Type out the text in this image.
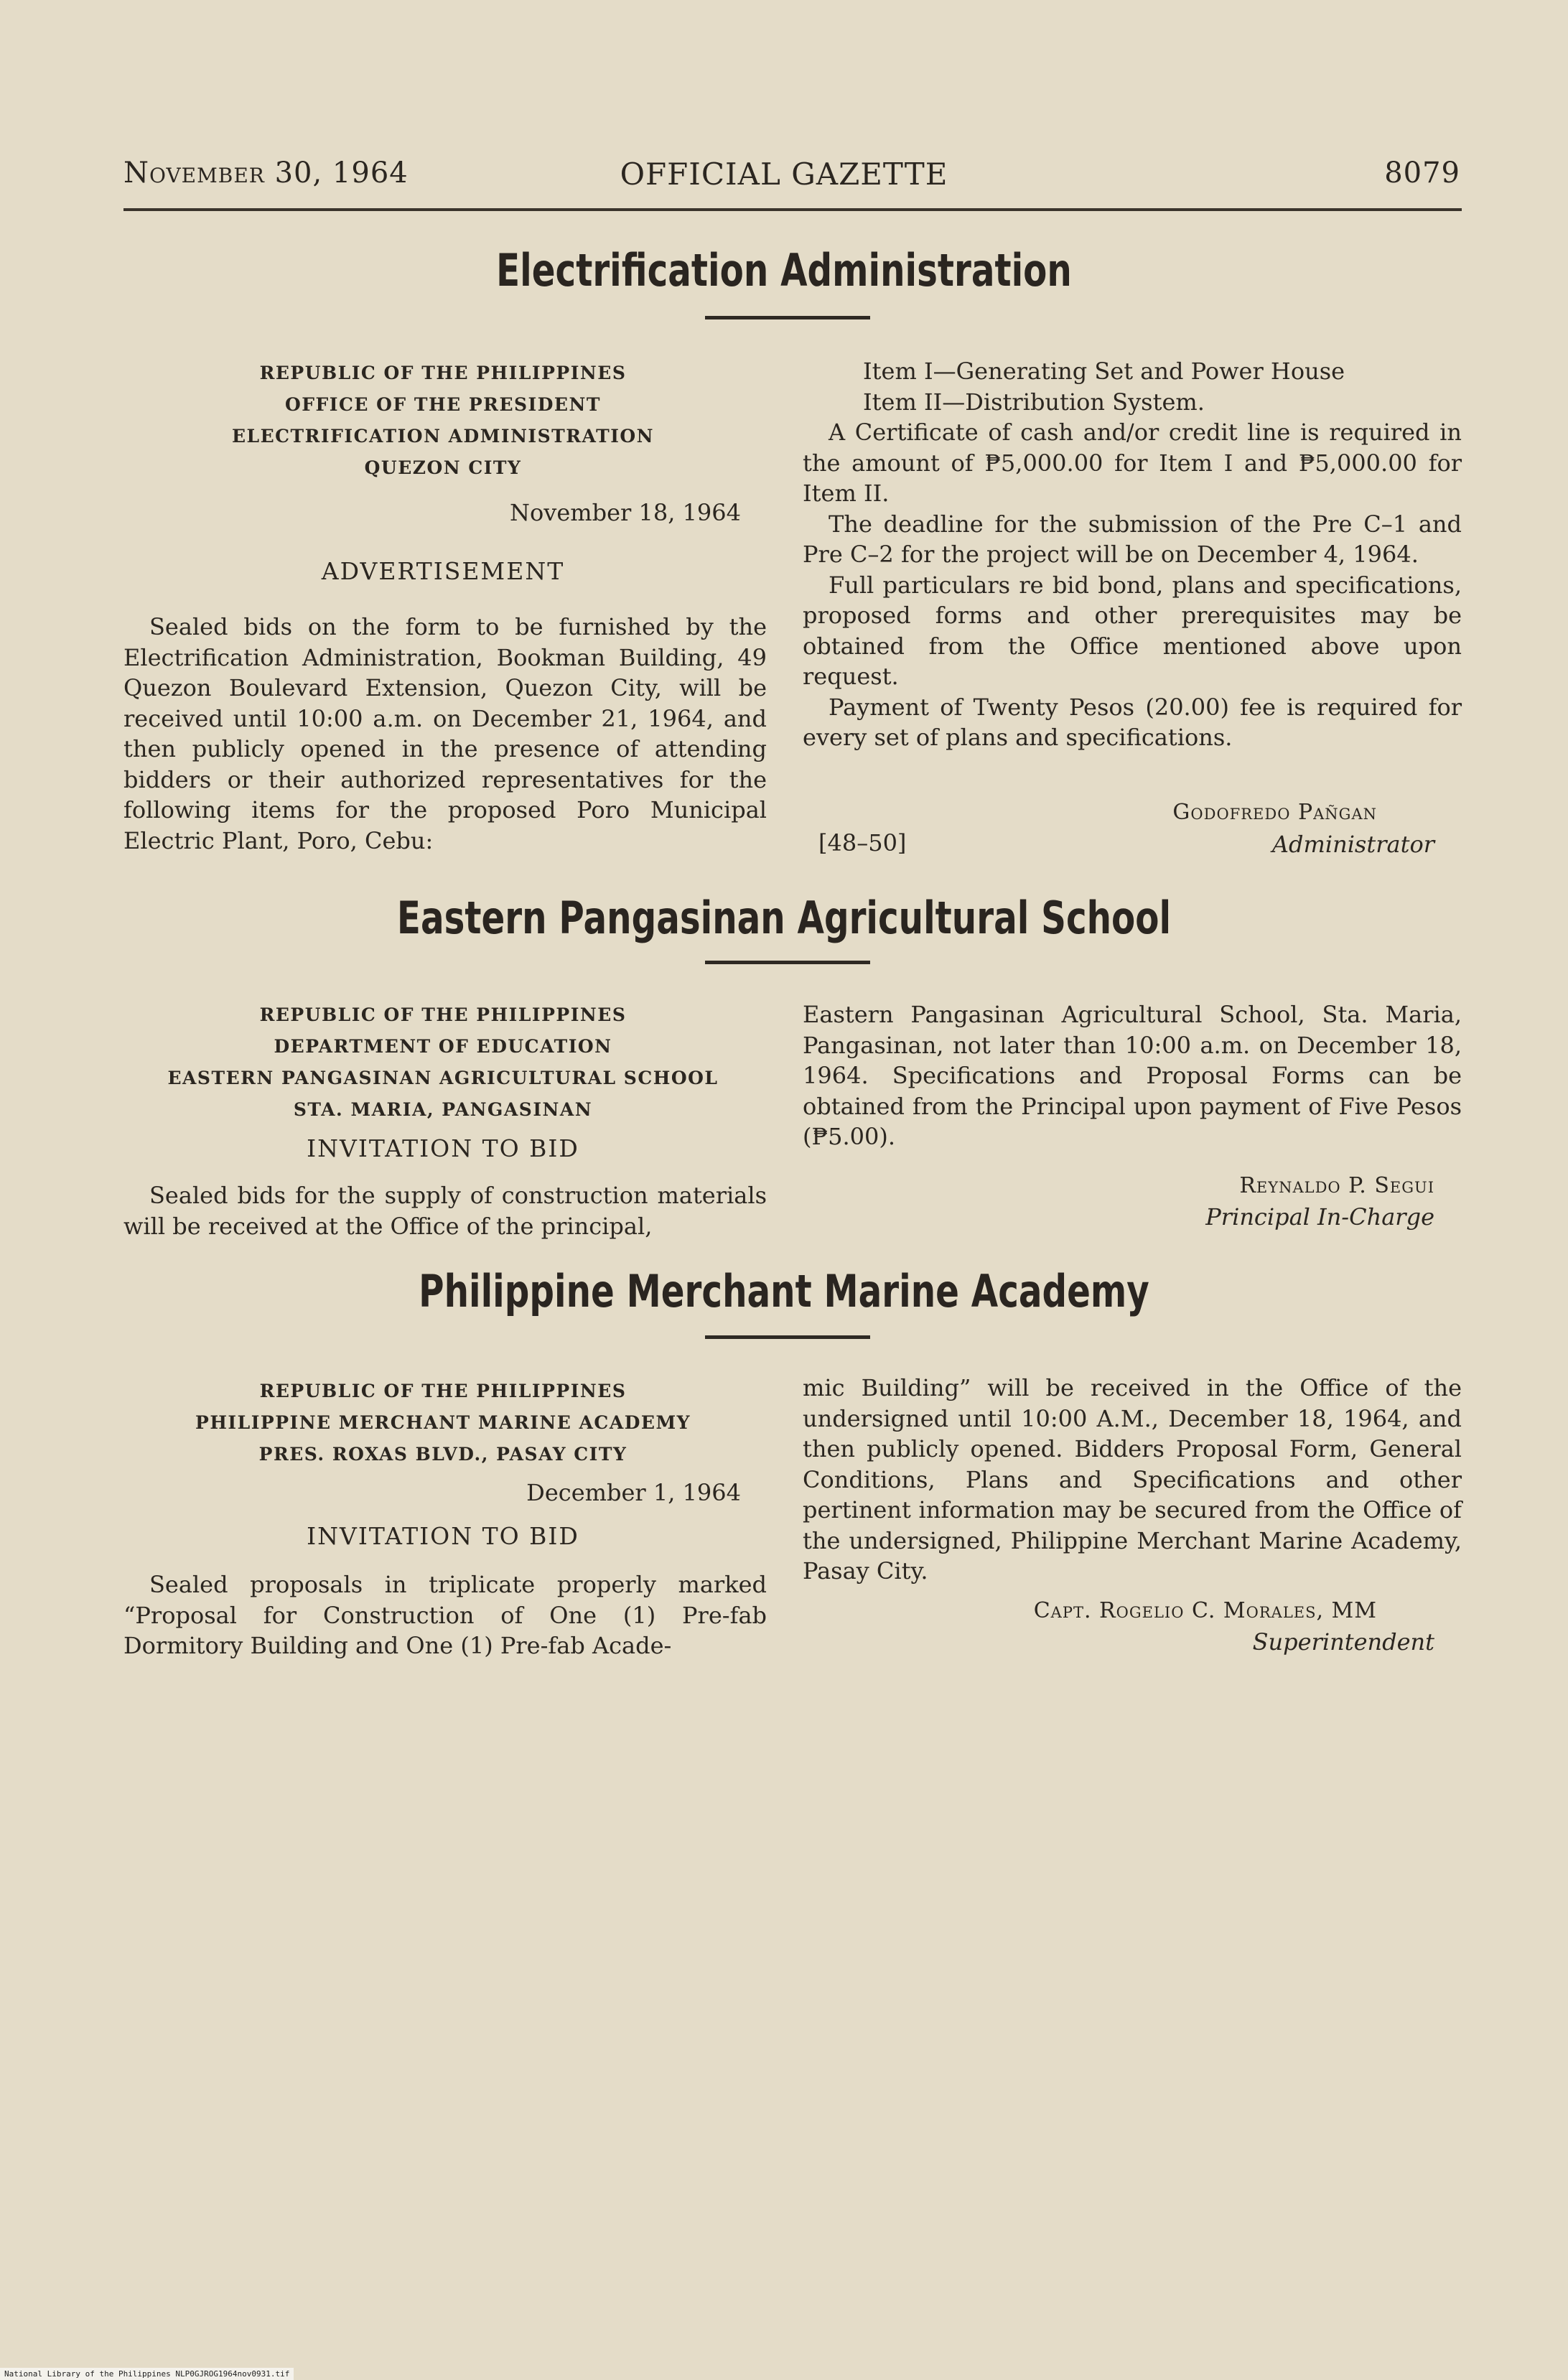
November 30, 1964	OFFICIAL GAZETTE	8079
Electrification Administration
REPUBLIC OF THE PHILIPPINES
OFFICE OF THE PRESIDENT
ELECTRIFICATION ADMINISTRATION
QUEZON CITY
November 18, 1964
ADVERTISEMENT

Sealed bids on the form to be furnished by the Electrification Administration, Bookman Building, 49 Quezon Boulevard Extension, Quezon City, will be received until 10:00 a.m. on December 21, 1964, and then publicly opened in the presence of attending bidders or their authorized representatives for the following items for the proposed Poro Municipal Electric Plant, Poro, Cebu:

Item I—Generating Set and Power House

Item II—Distribution System.

A Certificate of cash and/or credit line is required in the amount of ₱5,000.00 for Item I and ₱5,000.00 for Item II.

The deadline for the submission of the Pre C–1 and Pre C–2 for the project will be on December 4, 1964.

Full particulars re bid bond, plans and specifications, proposed forms and other prerequisites may be obtained from the Office mentioned above upon request.

Payment of Twenty Pesos (20.00) fee is required for every set of plans and specifications.

Godofredo Pañgan
[48–50]	Administrator
Eastern Pangasinan Agricultural School
REPUBLIC OF THE PHILIPPINES
DEPARTMENT OF EDUCATION
EASTERN PANGASINAN AGRICULTURAL SCHOOL
STA. MARIA, PANGASINAN
INVITATION TO BID

Sealed bids for the supply of construction materials will be received at the Office of the principal,

Eastern Pangasinan Agricultural School, Sta. Maria, Pangasinan, not later than 10:00 a.m. on December 18, 1964. Specifications and Proposal Forms can be obtained from the Principal upon payment of Five Pesos (₱5.00).

Reynaldo P. Segui
Principal In-Charge
Philippine Merchant Marine Academy
REPUBLIC OF THE PHILIPPINES
PHILIPPINE MERCHANT MARINE ACADEMY
PRES. ROXAS BLVD., PASAY CITY
December 1, 1964
INVITATION TO BID

Sealed proposals in triplicate properly marked “Proposal for Construction of One (1) Pre-fab Dormitory Building and One (1) Pre-fab Acade-

mic Building” will be received in the Office of the undersigned until 10:00 A.M., December 18, 1964, and then publicly opened. Bidders Proposal Form, General Conditions, Plans and Specifications and other pertinent information may be secured from the Office of the undersigned, Philippine Merchant Marine Academy, Pasay City.

Capt. Rogelio C. Morales, MM
Superintendent
National Library of the Philippines NLP0GJROG1964nov0931.tif
